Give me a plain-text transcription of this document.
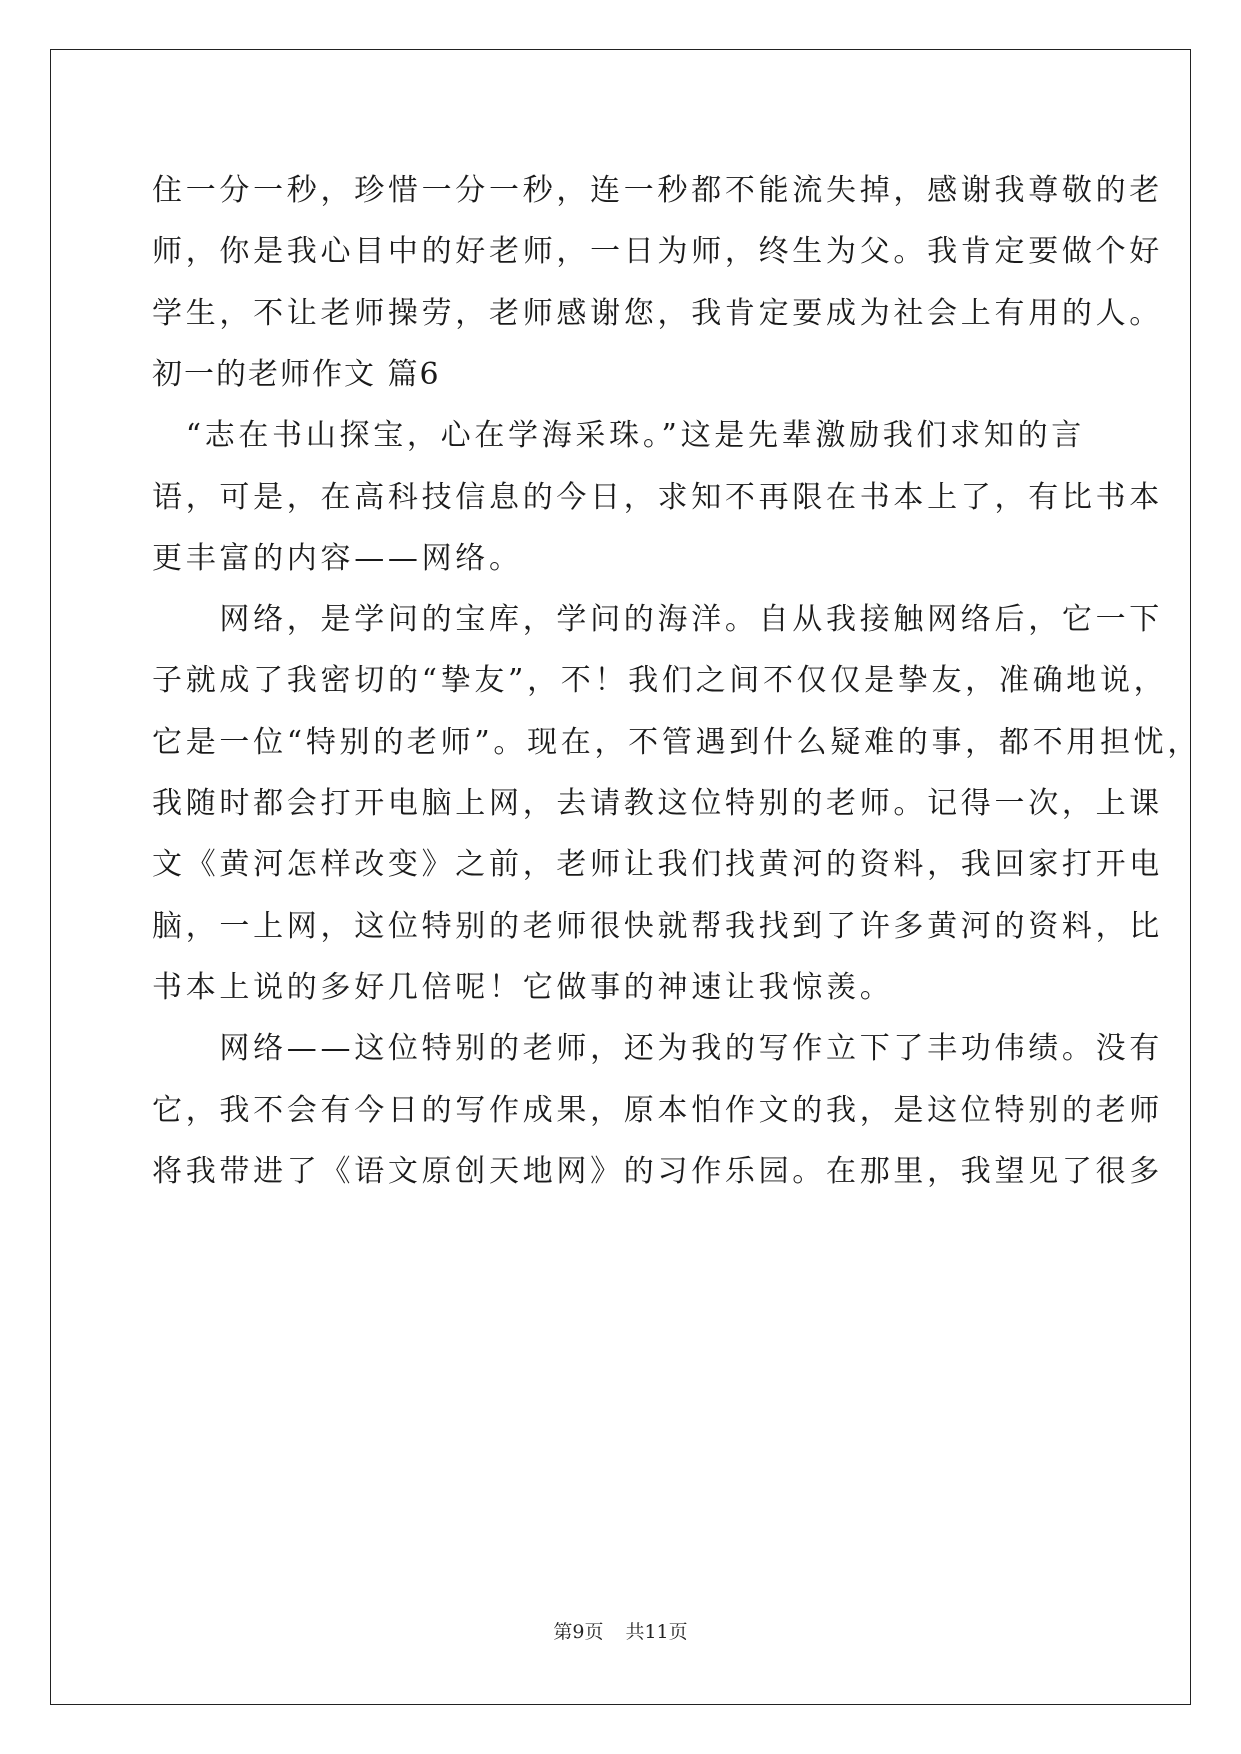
住一分一秒，珍惜一分一秒，连一秒都不能流失掉，感谢我尊敬的老
师，你是我心目中的好老师，一日为师，终生为父。我肯定要做个好
学生，不让老师操劳，老师感谢您，我肯定要成为社会上有用的人。
初一的老师作文 篇6
　“志在书山探宝，心在学海采珠。”这是先辈激励我们求知的言
语，可是，在高科技信息的今日，求知不再限在书本上了，有比书本
更丰富的内容——网络。
　　网络，是学问的宝库，学问的海洋。自从我接触网络后，它一下
子就成了我密切的“挚友”，不！我们之间不仅仅是挚友，准确地说，
它是一位“特别的老师”。现在，不管遇到什么疑难的事，都不用担忧，
我随时都会打开电脑上网，去请教这位特别的老师。记得一次，上课
文《黄河怎样改变》之前，老师让我们找黄河的资料，我回家打开电
脑，一上网，这位特别的老师很快就帮我找到了许多黄河的资料，比
书本上说的多好几倍呢！它做事的神速让我惊羡。
　　网络——这位特别的老师，还为我的写作立下了丰功伟绩。没有
它，我不会有今日的写作成果，原本怕作文的我，是这位特别的老师
将我带进了《语文原创天地网》的习作乐园。在那里，我望见了很多
第9页 共11页
